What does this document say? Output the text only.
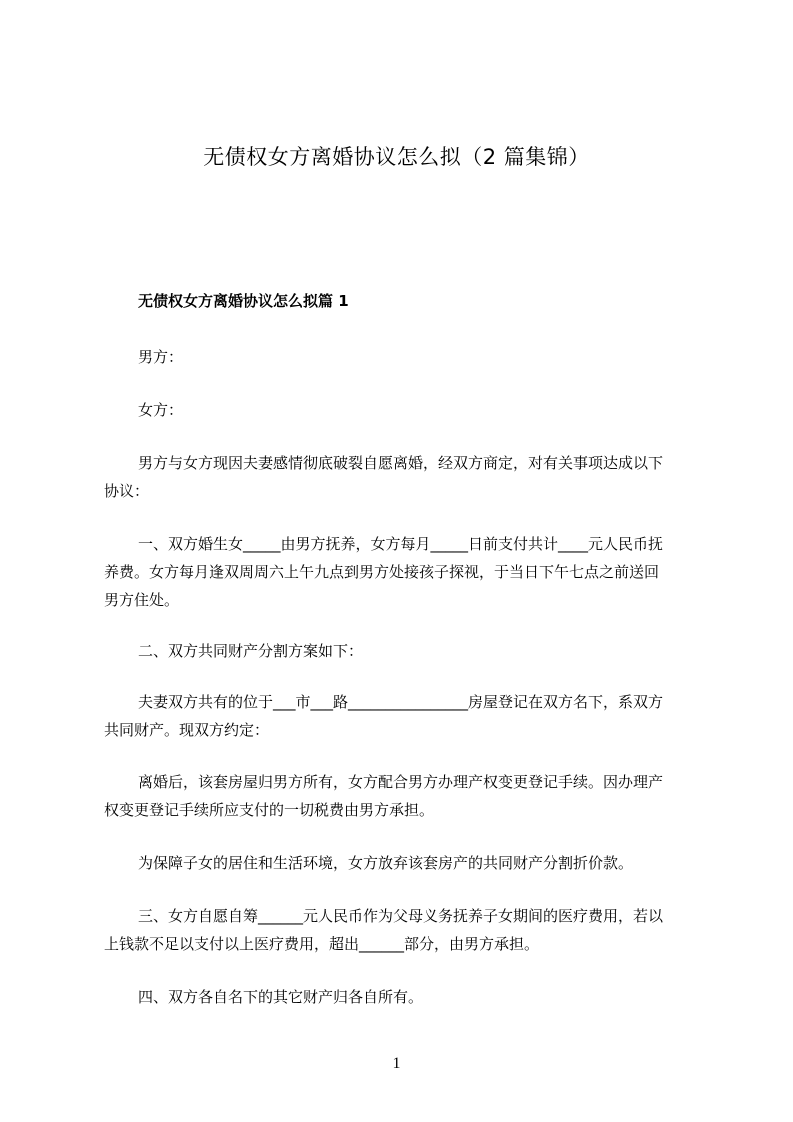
无债权女方离婚协议怎么拟（2 篇集锦）
无债权女方离婚协议怎么拟篇 1
男方：
女方：
男方与女方现因夫妻感情彻底破裂自愿离婚，经双方商定，对有关事项达成以下
协议：
一、双方婚生女_____由男方抚养，女方每月_____日前支付共计____元人民币抚
养费。女方每月逢双周周六上午九点到男方处接孩子探视，于当日下午七点之前送回
男方住处。
二、双方共同财产分割方案如下：
夫妻双方共有的位于___市___路________________房屋登记在双方名下，系双方
共同财产。现双方约定：
离婚后，该套房屋归男方所有，女方配合男方办理产权变更登记手续。因办理产
权变更登记手续所应支付的一切税费由男方承担。
为保障子女的居住和生活环境，女方放弃该套房产的共同财产分割折价款。
三、女方自愿自筹______元人民币作为父母义务抚养子女期间的医疗费用，若以
上钱款不足以支付以上医疗费用，超出______部分，由男方承担。
四、双方各自名下的其它财产归各自所有。
1
